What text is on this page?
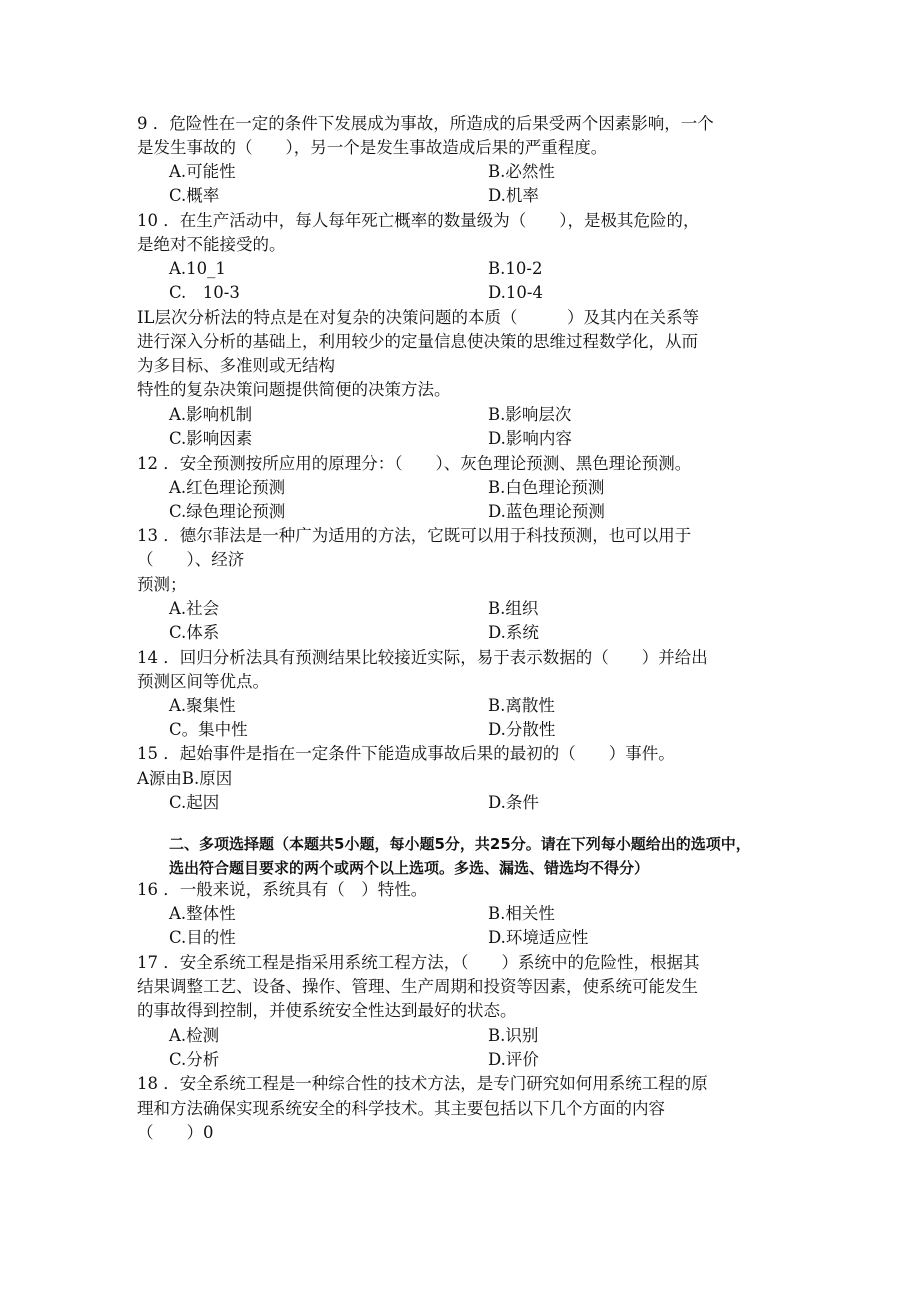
9 ．危险性在一定的条件下发展成为事故，所造成的后果受两个因素影响，一个
是发生事故的（　　），另一个是发生事故造成后果的严重程度。
A.可能性	B.必然性
C.概率	D.机率
10 ．在生产活动中，每人每年死亡概率的数量级为（　　），是极其危险的，
是绝对不能接受的。
A.10_1	B.10-2
C.　10-3	D.10-4
IL层次分析法的特点是在对复杂的决策问题的本质（　　　）及其内在关系等
进行深入分析的基础上，利用较少的定量信息使决策的思维过程数学化，从而
为多目标、多准则或无结构
特性的复杂决策问题提供简便的决策方法。
A.影响机制	B.影响层次
C.影响因素	D.影响内容
12 ．安全预测按所应用的原理分：（　　）、灰色理论预测、黑色理论预测。
A.红色理论预测	B.白色理论预测
C.绿色理论预测	D.蓝色理论预测
13 ．德尔菲法是一种广为适用的方法，它既可以用于科技预测，也可以用于
（　　）、经济
预测；
A.社会	B.组织
C.体系	D.系统
14 ．回归分析法具有预测结果比较接近实际，易于表示数据的（　　）并给出
预测区间等优点。
A.聚集性	B.离散性
C。集中性	D.分散性
15 ．起始事件是指在一定条件下能造成事故后果的最初的（　　）事件。
A源由B.原因
C.起因	D.条件
二、多项选择题（本题共5小题，每小题5分，共25分。请在下列每小题给出的选项中，
选出符合题目要求的两个或两个以上选项。多选、漏选、错选均不得分）
16 ．一般来说，系统具有（　）特性。
A.整体性	B.相关性
C.目的性	D.环境适应性
17 ．安全系统工程是指采用系统工程方法，（　　）系统中的危险性，根据其
结果调整工艺、设备、操作、管理、生产周期和投资等因素，使系统可能发生
的事故得到控制，并使系统安全性达到最好的状态。
A.检测	B.识别
C.分析	D.评价
18 ．安全系统工程是一种综合性的技术方法，是专门研究如何用系统工程的原
理和方法确保实现系统安全的科学技术。其主要包括以下几个方面的内容
（　　）0
